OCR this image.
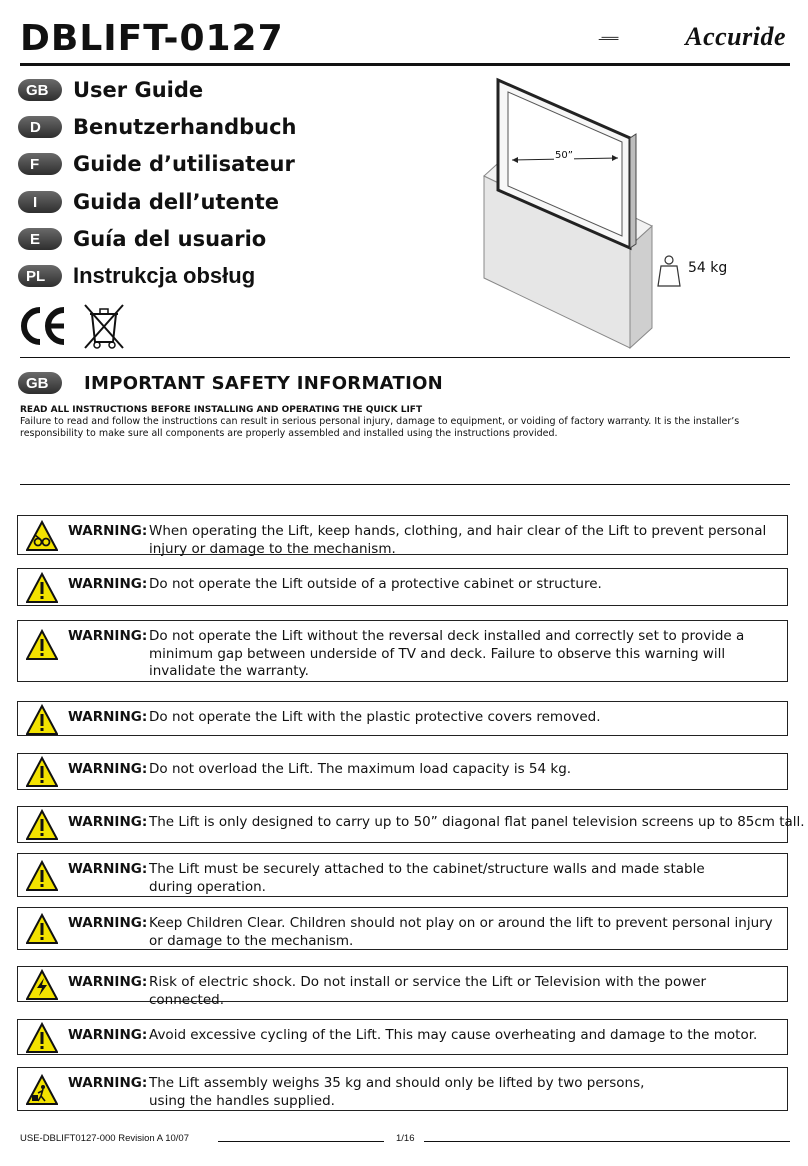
DBLIFT-0127	Accuride
GB	User Guide
D	Benutzerhandbuch
F	Guide d’utilisateur
I	Guida dell’utente
E	Guía del usuario
PL	Instrukcja obsług
50”
54 kg
GB	IMPORTANT SAFETY INFORMATION
READ ALL INSTRUCTIONS BEFORE INSTALLING AND OPERATING THE QUICK LIFT
Failure to read and follow the instructions can result in serious personal injury, damage to equipment, or voiding of factory warranty. It is the installer’s responsibility to make sure all components are properly assembled and installed using the instructions provided.
WARNING: When operating the Lift, keep hands, clothing, and hair clear of the Lift to prevent personal injury or damage to the mechanism.
WARNING: Do not operate the Lift outside of a protective cabinet or structure.
WARNING: Do not operate the Lift without the reversal deck installed and correctly set to provide a minimum gap between underside of TV and deck. Failure to observe this warning will invalidate the warranty.
WARNING: Do not operate the Lift with the plastic protective covers removed.
WARNING: Do not overload the Lift. The maximum load capacity is 54 kg.
WARNING: The Lift is only designed to carry up to 50” diagonal flat panel television screens up to 85cm tall.
WARNING: The Lift must be securely attached to the cabinet/structure walls and made stable during operation.
WARNING: Keep Children Clear. Children should not play on or around the lift to prevent personal injury or damage to the mechanism.
WARNING: Risk of electric shock. Do not install or service the Lift or Television with the power connected.
WARNING: Avoid excessive cycling of the Lift. This may cause overheating and damage to the motor.
WARNING: The Lift assembly weighs 35 kg and should only be lifted by two persons, using the handles supplied.
USE-DBLIFT0127-000 Revision A 10/07	1/16
